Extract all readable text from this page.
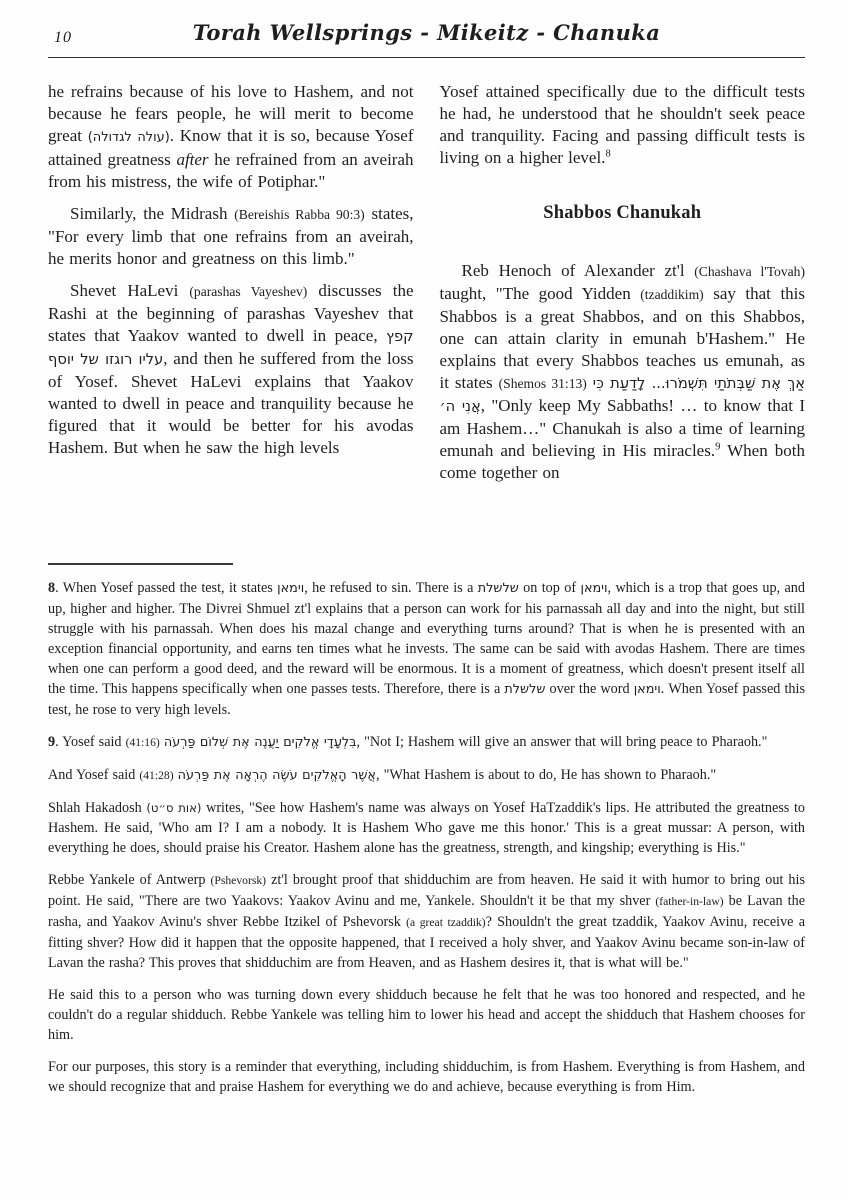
10	Torah Wellsprings - Mikeitz - Chanuka

he refrains because of his love to Hashem, and not because he fears people, he will merit to become great (עולה לגדולה). Know that it is so, because Yosef attained greatness after he refrained from an aveirah from his mistress, the wife of Potiphar."

Similarly, the Midrash (Bereishis Rabba 90:3) states, "For every limb that one refrains from an aveirah, he merits honor and greatness on this limb."

Shevet HaLevi (parashas Vayeshev) discusses the Rashi at the beginning of parashas Vayeshev that states that Yaakov wanted to dwell in peace, קפץ עליו רוגזו של יוסף, and then he suffered from the loss of Yosef. Shevet HaLevi explains that Yaakov wanted to dwell in peace and tranquility because he figured that it would be better for his avodas Hashem. But when he saw the high levels

Yosef attained specifically due to the difficult tests he had, he understood that he shouldn't seek peace and tranquility. Facing and passing difficult tests is living on a higher level.$^8$

Shabbos Chanukah

Reb Henoch of Alexander zt'l (Chashava l'Tovah) taught, "The good Yidden (tzaddikim) say that this Shabbos is a great Shabbos, and on this Shabbos, one can attain clarity in emunah b'Hashem." He explains that every Shabbos teaches us emunah, as it states (Shemos 31:13) אַךְ אֶת שַׁבְּתֹתַי תִּשְׁמֹרוּ... לָדַעַת כִּי אֲנִי ה׳, "Only keep My Sabbaths! … to know that I am Hashem…" Chanukah is also a time of learning emunah and believing in His miracles.$^9$ When both come together on

8. When Yosef passed the test, it states וימאן, he refused to sin. There is a שלשלת on top of וימאן, which is a trop that goes up, and up, higher and higher. The Divrei Shmuel zt'l explains that a person can work for his parnassah all day and into the night, but still struggle with his parnassah. When does his mazal change and everything turns around? That is when he is presented with an exception financial opportunity, and earns ten times what he invests. The same can be said with avodas Hashem. There are times when one can perform a good deed, and the reward will be enormous. It is a moment of greatness, which doesn't present itself all the time. This happens specifically when one passes tests. Therefore, there is a שלשלת over the word וימאן. When Yosef passed this test, he rose to very high levels.

9. Yosef said (41:16) בִּלְעָדָי אֱלֹקִים יַעֲנֶה אֶת שְׁלוֹם פַּרְעֹה, "Not I; Hashem will give an answer that will bring peace to Pharaoh."

And Yosef said (41:28) אֲשֶׁר הָאֱלֹקִים עֹשֶׂה הֶרְאָה אֶת פַּרְעֹה, "What Hashem is about to do, He has shown to Pharaoh."

Shlah Hakadosh (אות ס״ט) writes, "See how Hashem's name was always on Yosef HaTzaddik's lips. He attributed the greatness to Hashem. He said, 'Who am I? I am a nobody. It is Hashem Who gave me this honor.' This is a great mussar: A person, with everything he does, should praise his Creator. Hashem alone has the greatness, strength, and kingship; everything is His."

Rebbe Yankele of Antwerp (Pshevorsk) zt'l brought proof that shidduchim are from heaven. He said it with humor to bring out his point. He said, "There are two Yaakovs: Yaakov Avinu and me, Yankele. Shouldn't it be that my shver (father-in-law) be Lavan the rasha, and Yaakov Avinu's shver Rebbe Itzikel of Pshevorsk (a great tzaddik)? Shouldn't the great tzaddik, Yaakov Avinu, receive a fitting shver? How did it happen that the opposite happened, that I received a holy shver, and Yaakov Avinu became son-in-law of Lavan the rasha? This proves that shidduchim are from Heaven, and as Hashem desires it, that is what will be."

He said this to a person who was turning down every shidduch because he felt that he was too honored and respected, and he couldn't do a regular shidduch. Rebbe Yankele was telling him to lower his head and accept the shidduch that Hashem chooses for him.

For our purposes, this story is a reminder that everything, including shidduchim, is from Hashem. Everything is from Hashem, and we should recognize that and praise Hashem for everything we do and achieve, because everything is from Him.
